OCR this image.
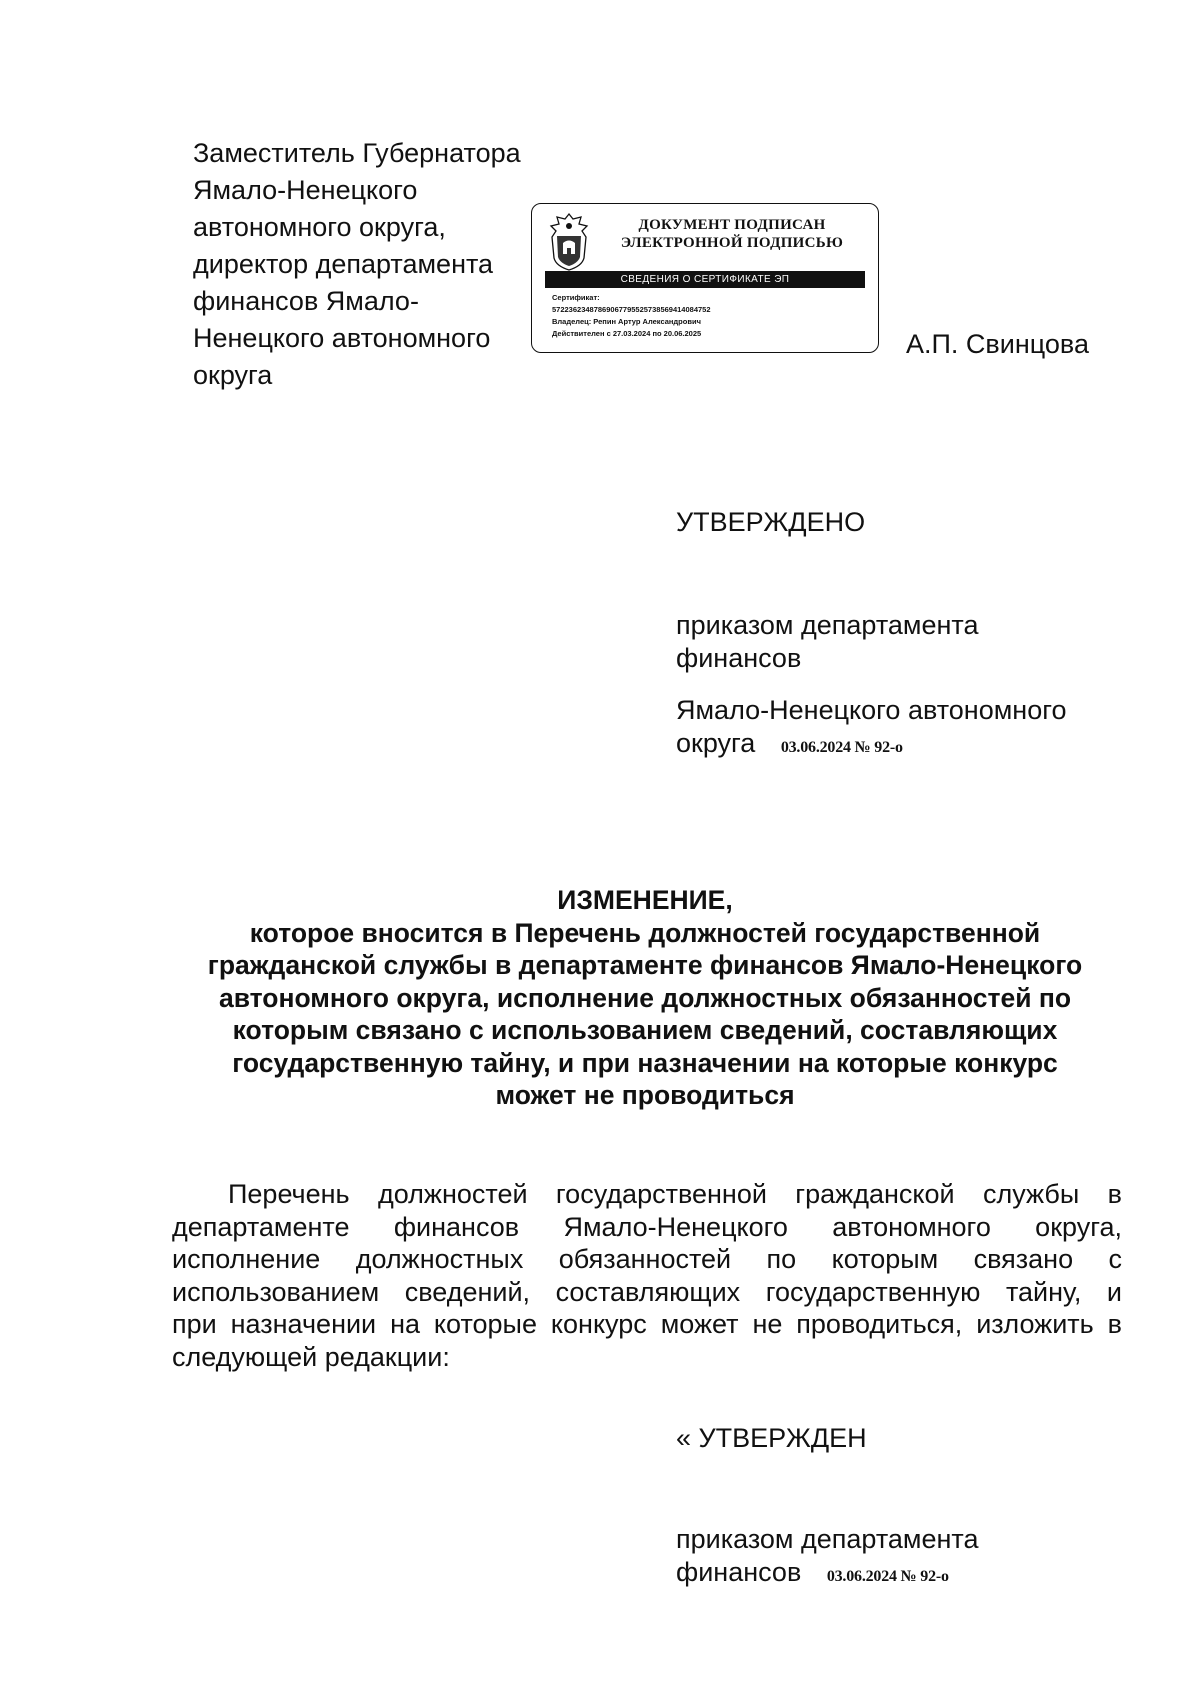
Заместитель Губернатора

Ямало-Ненецкого

автономного округа,

директор департамента

финансов Ямало-

Ненецкого автономного

округа

ДОКУМЕНТ ПОДПИСАН
ЭЛЕКТРОННОЙ ПОДПИСЬЮ
СВЕДЕНИЯ О СЕРТИФИКАТЕ ЭП
Сертификат:
57223623487869067795525738569414084752
Владелец: Репин Артур Александрович
Действителен с 27.03.2024 по 20.06.2025	А.П. Свинцова

УТВЕРЖДЕНО

приказом департамента

финансов

Ямало-Ненецкого автономного

округа 03.06.2024 № 92-о

ИЗМЕНЕНИЕ,
которое вносится в Перечень должностей государственной
гражданской службы в департаменте финансов Ямало-Ненецкого
автономного округа, исполнение должностных обязанностей по
которым связано с использованием сведений, составляющих
государственную тайну, и при назначении на которые конкурс
может не проводиться
Перечень должностей государственной гражданской службы в
департаменте финансов Ямало-Ненецкого автономного округа,
исполнение должностных обязанностей по которым связано с
использованием сведений, составляющих государственную тайну, и
при назначении на которые конкурс может не проводиться, изложить в
следующей редакции:

« УТВЕРЖДЕН

приказом департамента

финансов 03.06.2024 № 92-о
